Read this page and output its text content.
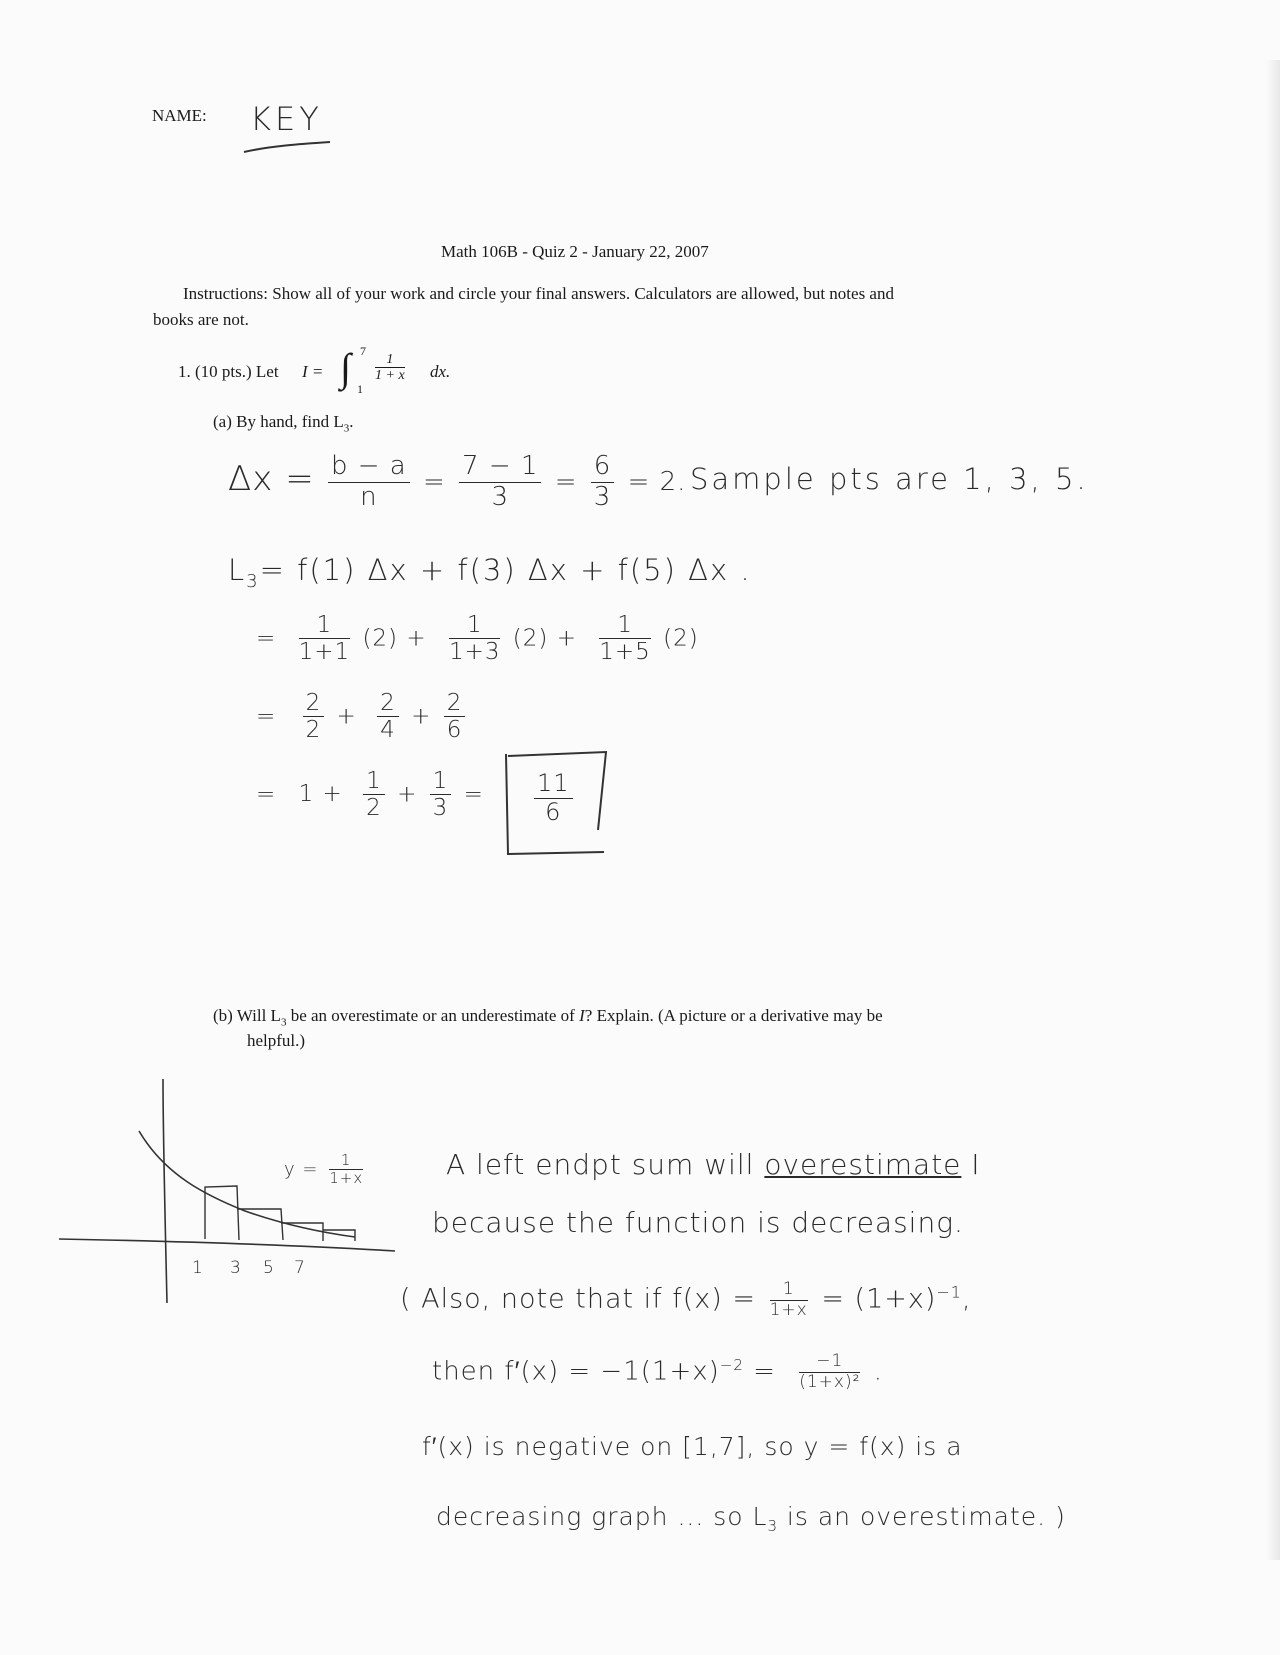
NAME: KEY
Math 106B - Quiz 2 - January 22, 2007
Instructions: Show all of your work and circle your final answers. Calculators are allowed, but notes and
books are not.
1. (10 pts.) Let I = ∫ 7
1
1
1 + x dx.
(a) By hand, find $L_3$.
$\Delta x = \frac{b - a}{n} = \frac{7 - 1}{3} = \frac{6}{3} = 2$. Sample pts are 1, 3, 5.
$L_3= f(1) \Delta x + f(3) \Delta x + f(5)$ Δx .
= $\frac{1}{1+1} (2) + \frac{1}{1+3} (2) + \frac{1}{1+5} (2)$
= $\frac{2}{2} + \frac{2}{4} + \frac{2}{6}$
= $1 + \frac{1}{2} + \frac{1}{3} = \frac{11}{6}$
(b) Will $L_3$ be an overestimate or an underestimate of I? Explain. (A picture or a derivative may be
helpful.)
1 3 5 7
$y = \frac{1}{1+x}$	A left endpt sum will overestimate I
because the function is decreasing.
( Also, note that if $f(x) = \frac{1}{1+x} = (1+x)^{-1}$,
then $f'(x) = -1(1+x)^{-2} = \frac{-1}{\text{(1+x)²}}$ .
f′(x) is negative on [1,7], so y = f(x) is a
decreasing graph ... so $L_3$ is an overestimate. )
